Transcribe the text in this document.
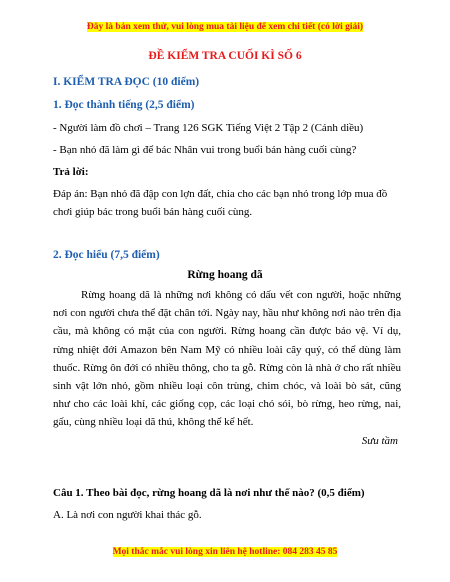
Đây là bản xem thử, vui lòng mua tài liệu để xem chi tiết (có lời giải)
ĐỀ KIỂM TRA CUỐI KÌ SỐ 6
I. KIỂM TRA ĐỌC (10 điểm)
1. Đọc thành tiếng (2,5 điểm)
- Người làm đồ chơi – Trang 126 SGK Tiếng Việt 2 Tập 2 (Cánh diều)
- Bạn nhỏ đã làm gì để bác Nhân vui trong buổi bán hàng cuối cùng?
Trả lời:
Đáp án: Bạn nhỏ đã đập con lợn đất, chia cho các bạn nhỏ trong lớp mua đồ
chơi giúp bác trong buổi bán hàng cuối cùng.
2. Đọc hiểu (7,5 điểm)
Rừng hoang dã
Rừng hoang dã là những nơi không có dấu vết con người, hoặc những nơi con người chưa thể đặt chân tới. Ngày nay, hầu như không nơi nào trên địa cầu, mà không có mặt của con người. Rừng hoang cần được bảo vệ. Ví dụ, rừng nhiệt đới Amazon bên Nam Mỹ có nhiều loài cây quý, có thể dùng làm thuốc. Rừng ôn đới có nhiều thông, cho ta gỗ. Rừng còn là nhà ở cho rất nhiều sinh vật lớn nhỏ, gồm nhiều loại côn trùng, chim chóc, và loài bò sát, cũng như cho các loài khỉ, các giống cọp, các loại chó sói, bò rừng, heo rừng, nai, gấu, cùng nhiều loại dã thú, không thể kể hết.
Sưu tầm
Câu 1. Theo bài đọc, rừng hoang dã là nơi như thế nào? (0,5 điểm)
A. Là nơi con người khai thác gỗ.
Mọi thắc mắc vui lòng xin liên hệ hotline: 084 283 45 85
